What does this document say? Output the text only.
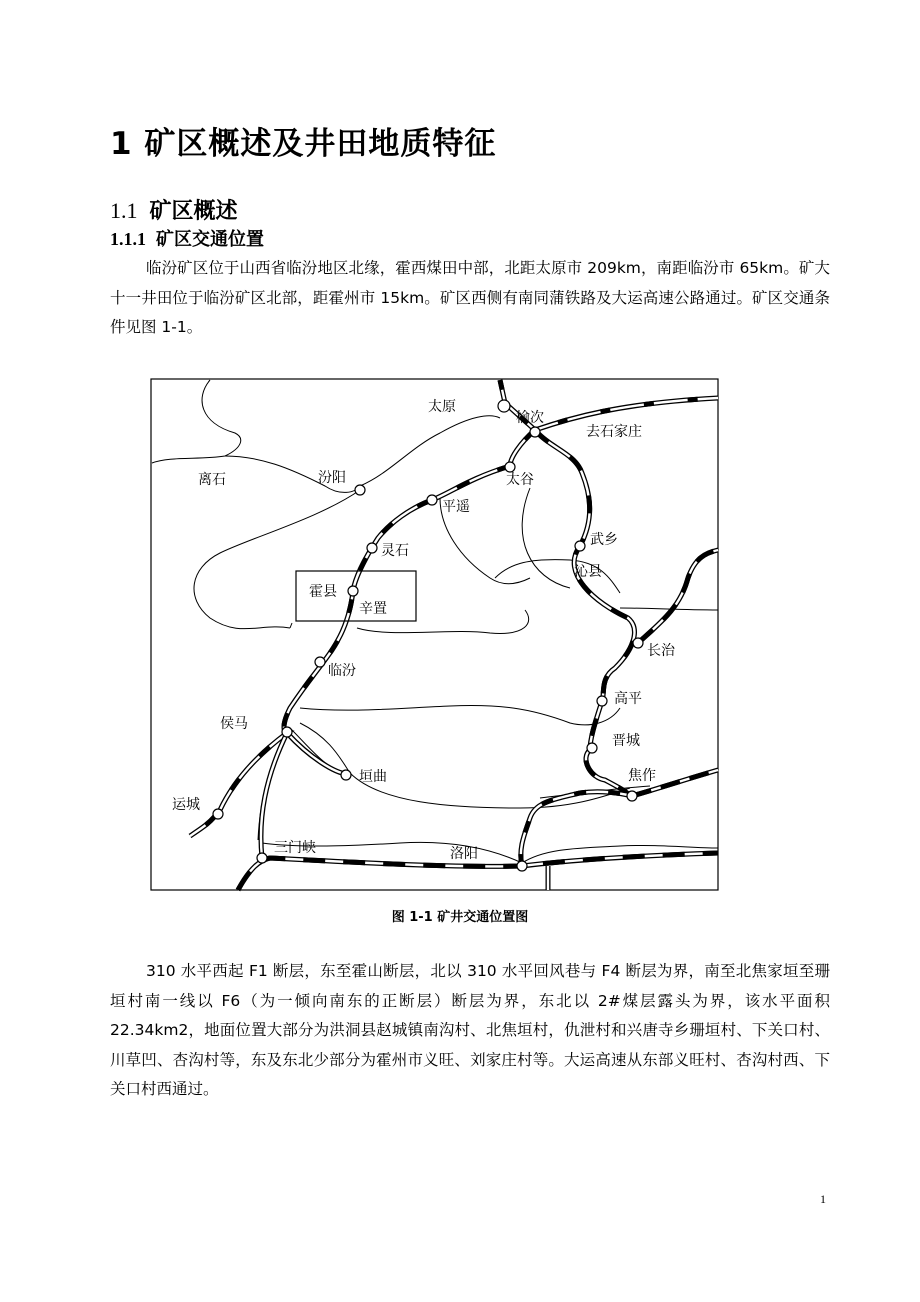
1 矿区概述及井田地质特征
1.1 矿区概述
1.1.1 矿区交通位置
临汾矿区位于山西省临汾地区北缘，霍西煤田中部，北距太原市 209km，南距临汾市 65km。矿大十一井田位于临汾矿区北部，距霍州市 15km。矿区西侧有南同蒲铁路及大运高速公路通过。矿区交通条件见图 1-1。
太原
榆次
去石家庄
离石	汾阳	太谷
平遥
灵石
武乡
沁县
霍县
辛置
长治
临汾
高平
侯马
晋城
焦作
垣曲
运城
三门峡	洛阳
图 1-1 矿井交通位置图
310 水平西起 F1 断层，东至霍山断层，北以 310 水平回风巷与 F4 断层为界，南至北焦家垣至珊垣村南一线以 F6（为一倾向南东的正断层）断层为界，东北以 2#煤层露头为界，该水平面积 22.34km2，地面位置大部分为洪洞县赵城镇南沟村、北焦垣村，仇泄村和兴唐寺乡珊垣村、下关口村、川草凹、杏沟村等，东及东北少部分为霍州市义旺、刘家庄村等。大运高速从东部义旺村、杏沟村西、下关口村西通过。
1
